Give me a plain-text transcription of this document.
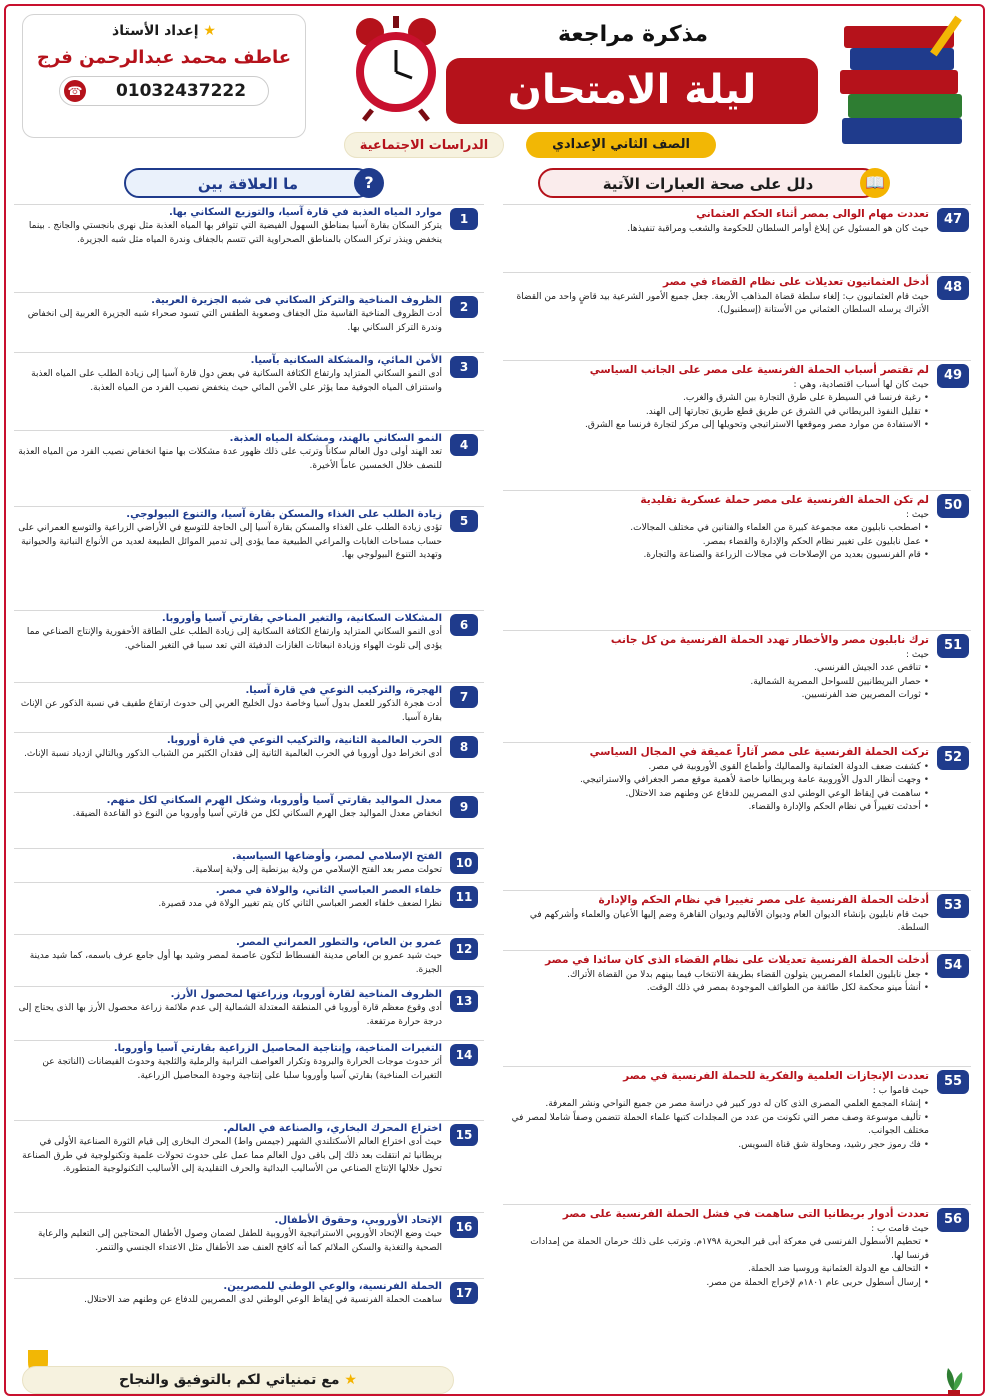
★ إعداد الأستاذ
عاطف محمد عبدالرحمن فرج
☎ 01032437222
مذكرة مراجعة
ليلة الامتحان
الصف الثاني الإعدادي
الدراسات الاجتماعية
📖
دلل على صحة العبارات الآتية
?
ما العلاقة بين
47
تعددت مهام الوالى بمصر أثناء الحكم العثماني
حيث كان هو المسئول عن إبلاغ أوامر السلطان للحكومة والشعب ومراقبة تنفيذها.
48
أدخل العثمانيون تعديلات على نظام القضاء في مصر
حيث قام العثمانيون ب: إلغاء سلطة قضاة المذاهب الأربعة. جعل جميع الأمور الشرعية بيد قاضٍ واحد من القضاة الأتراك يرسله السلطان العثماني من الأستانة (إسطنبول).
49
لم تقتصر أسباب الحملة الفرنسية على مصر على الجانب السياسي
حيث كان لها أسباب اقتصادية، وهي :
• رغبة فرنسا في السيطرة على طرق التجارة بين الشرق والغرب.
• تقليل النفوذ البريطاني في الشرق عن طريق قطع طريق تجارتها إلى الهند.
• الاستفادة من موارد مصر وموقعها الاستراتيجي وتحويلها إلى مركز لتجارة فرنسا مع الشرق.
50
لم تكن الحملة الفرنسية على مصر حملة عسكرية تقليدية
حيث :
• اصطحب نابليون معه مجموعة كبيرة من العلماء والفنانين في مختلف المجالات.
• عمل نابليون على تغيير نظام الحكم والإدارة والقضاء بمصر.
• قام الفرنسيون بعديد من الإصلاحات في مجالات الزراعة والصناعة والتجارة.
51
ترك نابليون مصر والأخطار تهدد الحملة الفرنسية من كل جانب
حيث :
• تناقص عدد الجيش الفرنسي.
• حصار البريطانيين للسواحل المصرية الشمالية.
• ثورات المصريين ضد الفرنسيين.
52
تركت الحملة الفرنسية على مصر آثاراً عميقة في المجال السياسي
• كشفت ضعف الدولة العثمانية والمماليك وأطماع القوى الأوروبية في مصر.
• وجهت أنظار الدول الأوروبية عامة وبريطانيا خاصة لأهمية موقع مصر الجغرافي والاستراتيجي.
• ساهمت في إيقاظ الوعي الوطني لدى المصريين للدفاع عن وطنهم ضد الاحتلال.
• أحدثت تغييراً في نظام الحكم والإدارة والقضاء.
53
أدخلت الحملة الفرنسية على مصر تغييرا في نظام الحكم والإدارة
حيث قام نابليون بإنشاء الديوان العام وديوان الأقاليم وديوان القاهرة وضم إليها الأعيان والعلماء وأشركهم في السلطة.
54
أدخلت الحملة الفرنسية تعديلات على نظام القضاء الذى كان سائدا في مصر
• جعل نابليون العلماء المصريين يتولون القضاء بطريقة الانتخاب فيما بينهم بدلا من القضاة الأتراك.
• أنشأ مينو محكمة لكل طائفة من الطوائف الموجودة بمصر في ذلك الوقت.
55
تعددت الإنجازات العلمية والفكرية للحملة الفرنسية في مصر
حيث قاموا ب :
• إنشاء المجمع العلمي المصرى الذى كان له دور كبير في دراسة مصر من جميع النواحي ونشر المعرفة.
• تأليف موسوعة وصف مصر التي تكونت من عدد من المجلدات كتبها علماء الحملة تتضمن وصفاً شاملا لمصر في مختلف الجوانب.
• فك رموز حجر رشيد، ومحاولة شق قناة السويس.
56
تعددت أدوار بريطانيا التى ساهمت في فشل الحملة الفرنسية على مصر
حيث قامت ب :
• تحطيم الأسطول الفرنسى في معركة أبى قير البحرية ١٧٩٨م. وترتب على ذلك حرمان الحملة من إمدادات فرنسا لها.
• التحالف مع الدولة العثمانية وروسيا ضد الحملة.
• إرسال أسطول حربى عام ١٨٠١م لإخراج الحملة من مصر.
1
موارد المياه العذبة في قارة آسيا، والتوزيع السكاني بها.
يتركز السكان بقارة آسيا بمناطق السهول الفيضية التي تتوافر بها المياه العذبة مثل نهرى بانجستي والجانج . بينما ينخفض وينذر تركز السكان بالمناطق الصحراوية التي تتسم بالجفاف وندرة المياه مثل شبه الجزيرة.
2
الظروف المناخية والتركز السكاني فى شبه الجزيرة العربية.
أدت الظروف المناخية القاسية مثل الجفاف وصعوبة الطقس التي تسود صحراء شبه الجزيرة العربية إلى انخفاض وندرة التركز السكاني بها.
3
الأمن المائي، والمشكلة السكانية بآسيا.
أدى النمو السكاني المتزايد وارتفاع الكثافة السكانية في بعض دول قارة آسيا إلى زيادة الطلب على المياه العذبة واستنزاف المياه الجوفية مما يؤثر على الأمن المائي حيث ينخفض نصيب الفرد من المياه العذبة.
4
النمو السكاني بالهند، ومشكلة المياه العذبة.
تعد الهند أولى دول العالم سكاناً وترتب على ذلك ظهور عدة مشكلات بها منها انخفاض نصيب الفرد من المياه العذبة للنصف خلال الخمسين عاماً الأخيرة.
5
زيادة الطلب على الغذاء والمسكن بقارة آسيا، والتنوع البيولوجي.
تؤدى زيادة الطلب على الغذاء والمسكن بقارة آسيا إلى الحاجة للتوسع في الأراضي الزراعية والتوسع العمراني على حساب مساحات الغابات والمراعي الطبيعية مما يؤدى إلى تدمير الموائل الطبيعة لعديد من الأنواع النباتية والحيوانية وتهديد التنوع البيولوجي بها.
6
المشكلات السكانية، والتغير المناخي بقارتي آسيا وأوروبا.
أدى النمو السكاني المتزايد وارتفاع الكثافة السكانية إلى زيادة الطلب على الطاقة الأحفورية والإنتاج الصناعي مما يؤدى إلى تلوث الهواء وزيادة انبعاثات الغازات الدفيئة التي تعد سببا في التغير المناخي.
7
الهجرة، والتركيب النوعي في قارة آسيا.
أدت هجرة الذكور للعمل بدول آسيا وخاصة دول الخليج العربي إلى حدوث ارتفاع طفيف في نسبة الذكور عن الإناث بقارة آسيا.
8
الحرب العالمية الثانية، والتركيب النوعي في قارة أوروبا.
أدى انخراط دول أوروبا في الحرب العالمية الثانية إلى فقدان الكثير من الشباب الذكور وبالتالي ازدياد نسبة الإناث.
9
معدل المواليد بقارتي آسيا وأوروبا، وشكل الهرم السكاني لكل منهم.
انخفاض معدل المواليد جعل الهرم السكاني لكل من قارتي آسيا وأوروبا من النوع ذو القاعدة الضيقة.
10
الفتح الإسلامي لمصر، وأوضاعها السياسية.
تحولت مصر بعد الفتح الإسلامي من ولاية بيزنطية إلى ولاية إسلامية.
11
خلفاء العصر العباسي الثاني، والولاة في مصر.
نظرا لضعف خلفاء العصر العباسي الثاني كان يتم تغيير الولاة في مدد قصيرة.
12
عمرو بن العاص، والتطور العمراني المصر.
حيث شيد عمرو بن العاص مدينة الفسطاط لتكون عاصمة لمصر وشيد بها أول جامع عرف باسمه، كما شيد مدينة الجيزة.
13
الظروف المناخية لقارة أوروبا، وزراعتها لمحصول الأرز.
أدى وقوع معظم قارة أوروبا في المنطقة المعتدلة الشمالية إلى عدم ملائمة زراعة محصول الأرز بها الذى يحتاج إلى درجة حرارة مرتفعة.
14
التغيرات المناخية، وإنتاجية المحاصيل الزراعية بقارتي آسيا وأوروبا.
أثر حدوث موجات الحرارة والبرودة وتكرار العواصف الترابية والرملية والثلجية وحدوث الفيضانات (الناتجة عن التغيرات المناخية) بقارتي آسيا وأوروبا سلبا على إنتاجية وجودة المحاصيل الزراعية.
15
اختراع المحرك البخاري، والصناعة في العالم.
حيث أدى اختراع العالم الأسكتلندي الشهير (جيمس واط) المحرك البخارى إلى قيام الثورة الصناعية الأولى في بريطانيا ثم انتقلت بعد ذلك إلى باقى دول العالم مما عمل على حدوث تحولات علمية وتكنولوجية في طرق الصناعة تحول خلالها الإنتاج الصناعي من الأساليب البدائية والحرف التقليدية إلى الأساليب التكنولوجية المتطورة.
16
الإتحاد الأوروبي، وحقوق الأطفال.
حيث وضع الإتحاد الأوروبي الاستراتيجية الأوروبية للطفل لضمان وصول الأطفال المحتاجين إلى التعليم والرعاية الصحية والتغذية والسكن الملائم كما أنه كافح العنف ضد الأطفال مثل الاعتداء الجنسي والتنمر.
17
الحملة الفرنسية، والوعي الوطني للمصريين.
ساهمت الحملة الفرنسية في إيقاظ الوعي الوطني لدى المصريين للدفاع عن وطنهم ضد الاحتلال.
★ مع تمنياتي لكم بالتوفيق والنجاح
